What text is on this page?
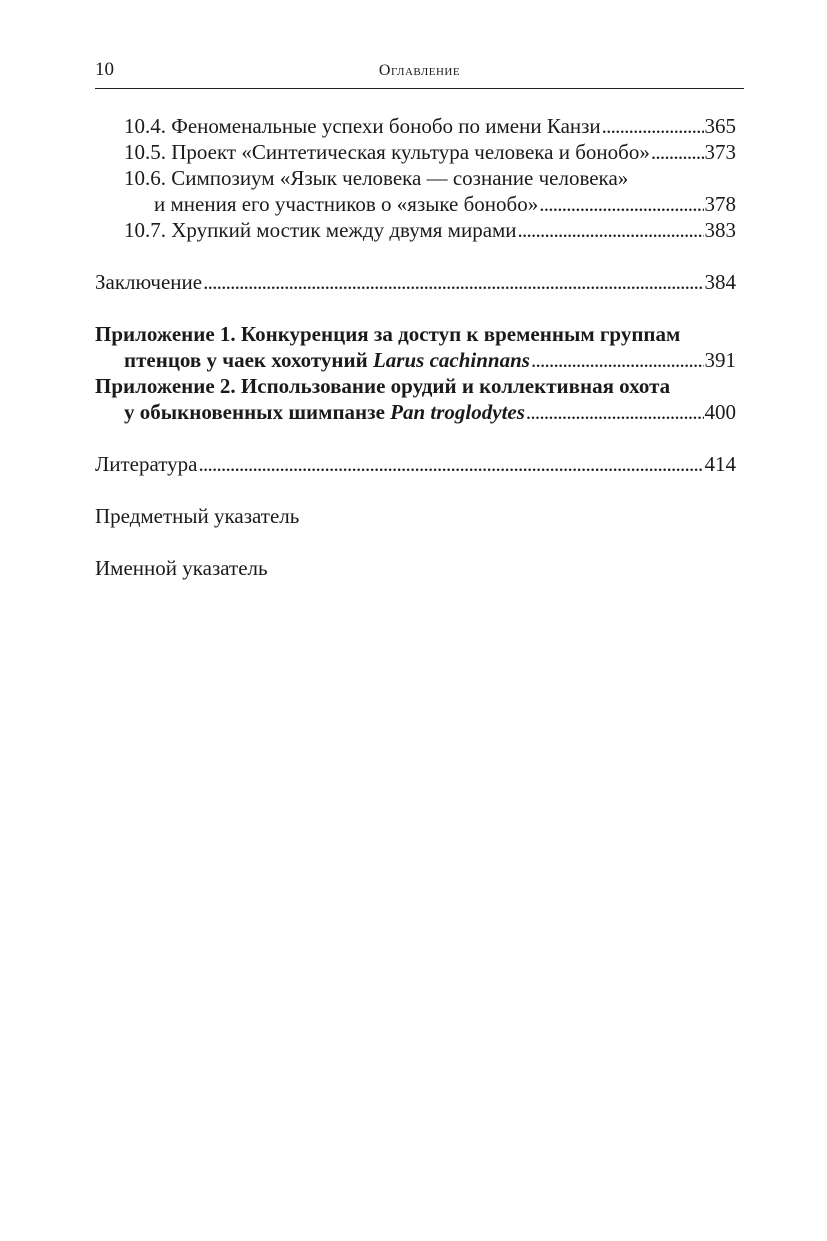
10	Оглавление
10.4. Феноменальные успехи бонобо по имени Канзи . . .	365
10.5. Проект «Синтетическая культура человека и бонобо» . . .	373
10.6. Симпозиум «Язык человека — сознание человека»
и мнения его участников о «языке бонобо» . . .	378
10.7. Хрупкий мостик между двумя мирами . . .	383
Заключение . . .	384
Приложение 1. Конкуренция за доступ к временным группам
птенцов у чаек хохотуний Larus cachinnans . . .	391
Приложение 2. Использование орудий и коллективная охота
у обыкновенных шимпанзе Pan troglodytes . . .	400
Литература . . .	414
Предметный указатель
Именной указатель
